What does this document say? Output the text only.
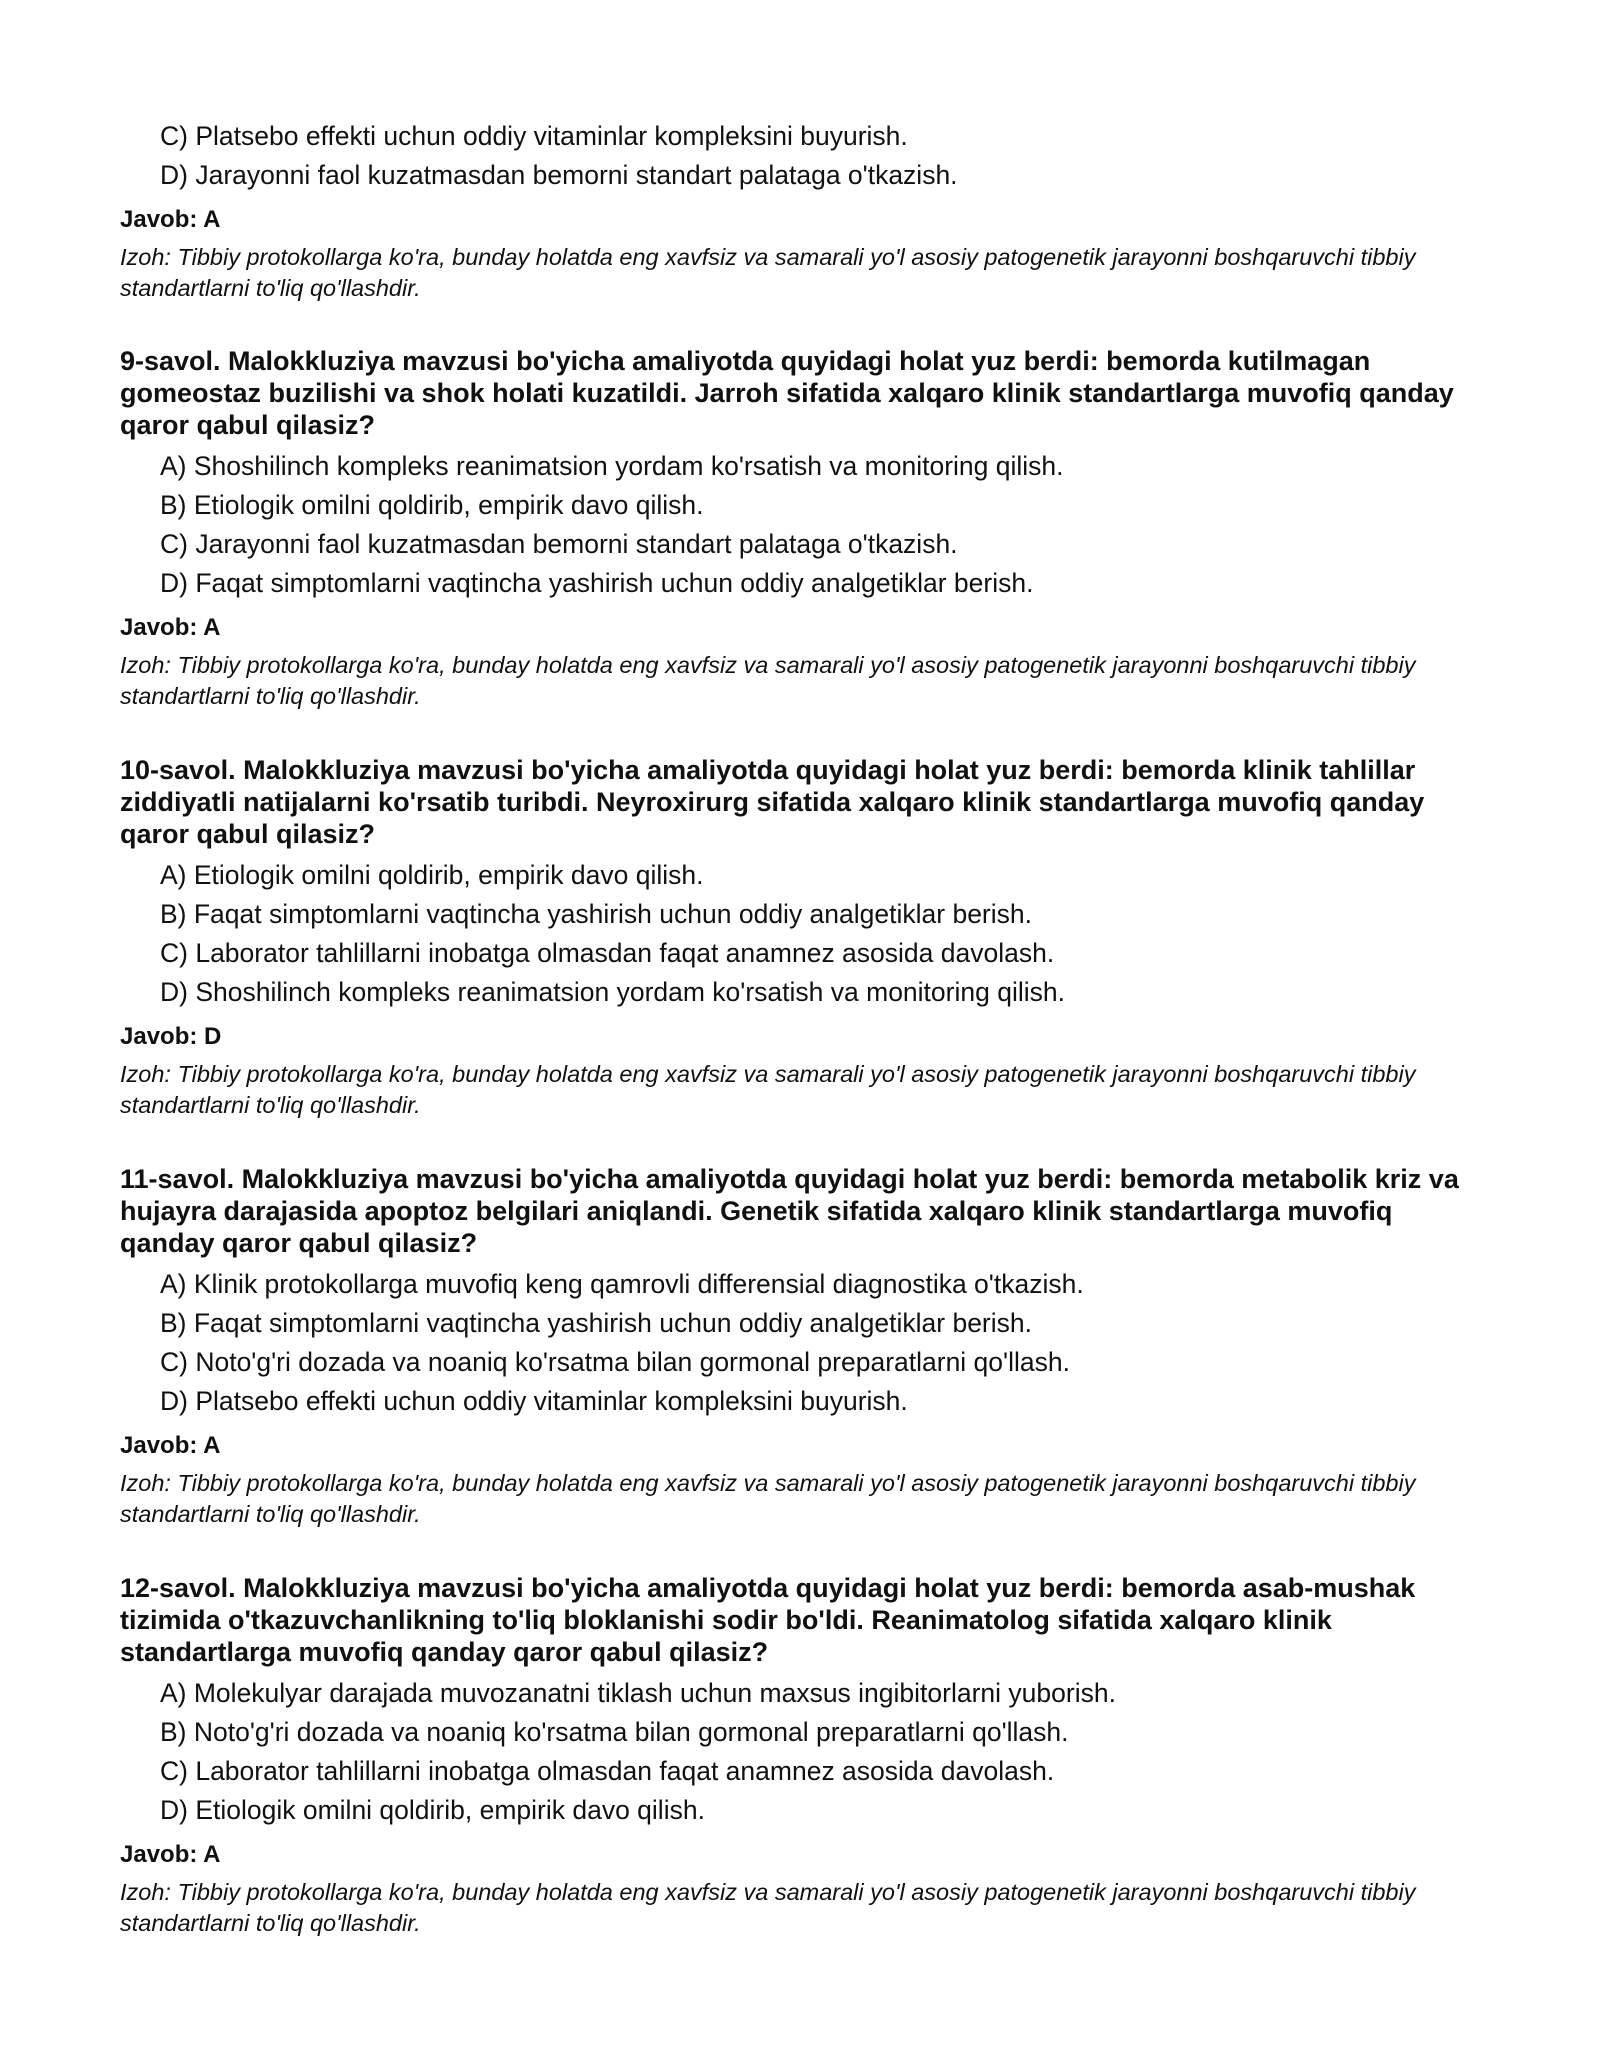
C) Platsebo effekti uchun oddiy vitaminlar kompleksini buyurish.
D) Jarayonni faol kuzatmasdan bemorni standart palataga o'tkazish.
Javob: A
Izoh: Tibbiy protokollarga ko'ra, bunday holatda eng xavfsiz va samarali yo'l asosiy patogenetik jarayonni boshqaruvchi tibbiy standartlarni to'liq qo'llashdir.
9-savol. Malokkluziya mavzusi bo'yicha amaliyotda quyidagi holat yuz berdi: bemorda kutilmagan gomeostaz buzilishi va shok holati kuzatildi. Jarroh sifatida xalqaro klinik standartlarga muvofiq qanday qaror qabul qilasiz?
A) Shoshilinch kompleks reanimatsion yordam ko'rsatish va monitoring qilish.
B) Etiologik omilni qoldirib, empirik davo qilish.
C) Jarayonni faol kuzatmasdan bemorni standart palataga o'tkazish.
D) Faqat simptomlarni vaqtincha yashirish uchun oddiy analgetiklar berish.
Javob: A
Izoh: Tibbiy protokollarga ko'ra, bunday holatda eng xavfsiz va samarali yo'l asosiy patogenetik jarayonni boshqaruvchi tibbiy standartlarni to'liq qo'llashdir.
10-savol. Malokkluziya mavzusi bo'yicha amaliyotda quyidagi holat yuz berdi: bemorda klinik tahlillar ziddiyatli natijalarni ko'rsatib turibdi. Neyroxirurg sifatida xalqaro klinik standartlarga muvofiq qanday qaror qabul qilasiz?
A) Etiologik omilni qoldirib, empirik davo qilish.
B) Faqat simptomlarni vaqtincha yashirish uchun oddiy analgetiklar berish.
C) Laborator tahlillarni inobatga olmasdan faqat anamnez asosida davolash.
D) Shoshilinch kompleks reanimatsion yordam ko'rsatish va monitoring qilish.
Javob: D
Izoh: Tibbiy protokollarga ko'ra, bunday holatda eng xavfsiz va samarali yo'l asosiy patogenetik jarayonni boshqaruvchi tibbiy standartlarni to'liq qo'llashdir.
11-savol. Malokkluziya mavzusi bo'yicha amaliyotda quyidagi holat yuz berdi: bemorda metabolik kriz va hujayra darajasida apoptoz belgilari aniqlandi. Genetik sifatida xalqaro klinik standartlarga muvofiq qanday qaror qabul qilasiz?
A) Klinik protokollarga muvofiq keng qamrovli differensial diagnostika o'tkazish.
B) Faqat simptomlarni vaqtincha yashirish uchun oddiy analgetiklar berish.
C) Noto'g'ri dozada va noaniq ko'rsatma bilan gormonal preparatlarni qo'llash.
D) Platsebo effekti uchun oddiy vitaminlar kompleksini buyurish.
Javob: A
Izoh: Tibbiy protokollarga ko'ra, bunday holatda eng xavfsiz va samarali yo'l asosiy patogenetik jarayonni boshqaruvchi tibbiy standartlarni to'liq qo'llashdir.
12-savol. Malokkluziya mavzusi bo'yicha amaliyotda quyidagi holat yuz berdi: bemorda asab-mushak tizimida o'tkazuvchanlikning to'liq bloklanishi sodir bo'ldi. Reanimatolog sifatida xalqaro klinik standartlarga muvofiq qanday qaror qabul qilasiz?
A) Molekulyar darajada muvozanatni tiklash uchun maxsus ingibitorlarni yuborish.
B) Noto'g'ri dozada va noaniq ko'rsatma bilan gormonal preparatlarni qo'llash.
C) Laborator tahlillarni inobatga olmasdan faqat anamnez asosida davolash.
D) Etiologik omilni qoldirib, empirik davo qilish.
Javob: A
Izoh: Tibbiy protokollarga ko'ra, bunday holatda eng xavfsiz va samarali yo'l asosiy patogenetik jarayonni boshqaruvchi tibbiy standartlarni to'liq qo'llashdir.
